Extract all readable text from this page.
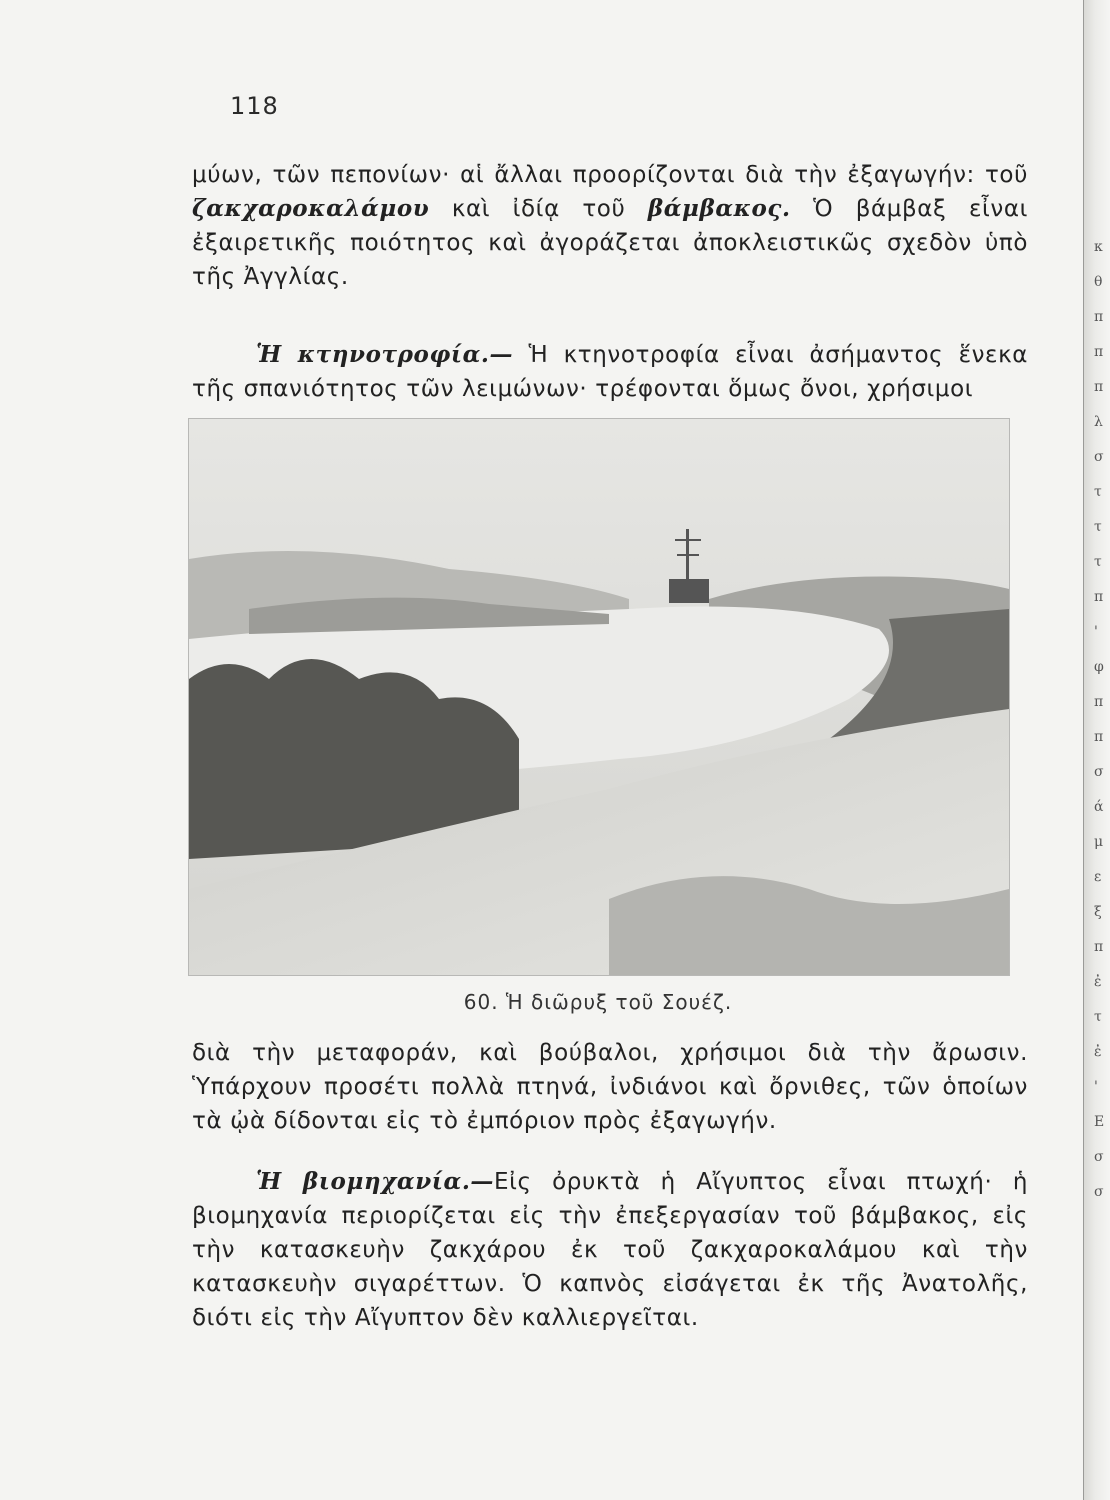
118
μύων, τῶν πεπονίων· αἱ ἄλλαι προορίζονται διὰ τὴν ἐξαγωγήν: τοῦ ζακχαροκαλάμου καὶ ἰδίᾳ τοῦ βάμβακος. Ὁ βάμβαξ εἶναι ἐξαιρετικῆς ποιότητος καὶ ἀγοράζεται ἀποκλειστικῶς σχεδὸν ὑπὸ τῆς Ἀγγλίας.
Ἡ κτηνοτροφία.— Ἡ κτηνοτροφία εἶναι ἀσήμαντος ἕνεκα τῆς σπανιότητος τῶν λειμώνων· τρέφονται ὅμως ὄνοι, χρήσιμοι
60. Ἡ διῶρυξ τοῦ Σουέζ.
διὰ τὴν μεταφοράν, καὶ βούβαλοι, χρήσιμοι διὰ τὴν ἄρωσιν. Ὑπάρχουν προσέτι πολλὰ πτηνά, ἰνδιάνοι καὶ ὄρνιθες, τῶν ὁποίων τὰ ᾠὰ δίδονται εἰς τὸ ἐμπόριον πρὸς ἐξαγωγήν.
Ἡ βιομηχανία.—Εἰς ὀρυκτὰ ἡ Αἴγυπτος εἶναι πτωχή· ἡ βιομηχανία περιορίζεται εἰς τὴν ἐπεξεργασίαν τοῦ βάμβακος, εἰς τὴν κατασκευὴν ζακχάρου ἐκ τοῦ ζακχαροκαλάμου καὶ τὴν κατασκευὴν σιγαρέττων. Ὁ καπνὸς εἰσάγεται ἐκ τῆς Ἀνατολῆς, διότι εἰς τὴν Αἴγυπτον δὲν καλλιεργεῖται.
κ
θ
π
π
π
λ
σ
τ
τ
τ
π
'
φ
π
π
σ
ά
μ
ε
ξ
π
ἐ
τ
ἐ
'
Ε
σ
σ
